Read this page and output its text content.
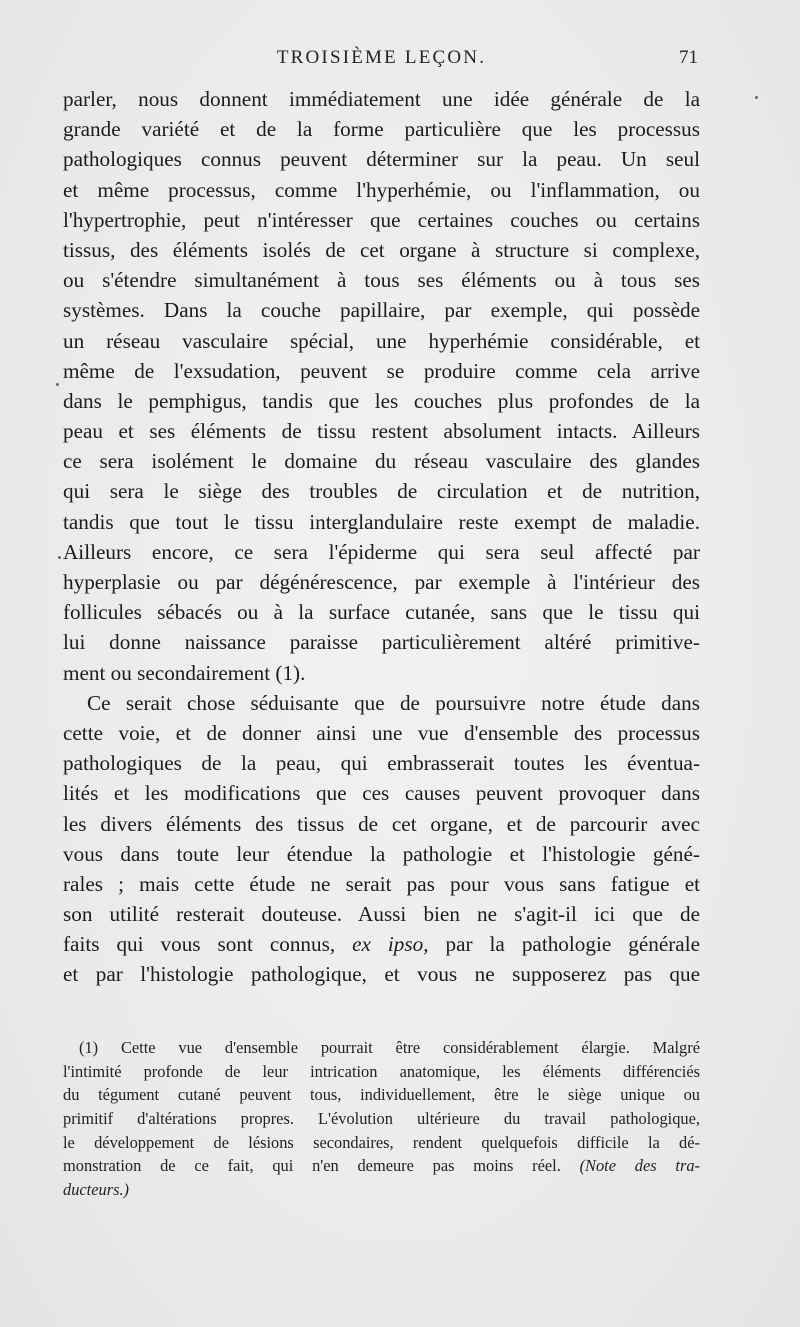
TROISIÈME LEÇON.	71
parler, nous donnent immédiatement une idée générale de la
grande variété et de la forme particulière que les processus
pathologiques connus peuvent déterminer sur la peau. Un seul
et même processus, comme l'hyperhémie, ou l'inflammation, ou
l'hypertrophie, peut n'intéresser que certaines couches ou certains
tissus, des éléments isolés de cet organe à structure si complexe,
ou s'étendre simultanément à tous ses éléments ou à tous ses
systèmes. Dans la couche papillaire, par exemple, qui possède
un réseau vasculaire spécial, une hyperhémie considérable, et
même de l'exsudation, peuvent se produire comme cela arrive
dans le pemphigus, tandis que les couches plus profondes de la
peau et ses éléments de tissu restent absolument intacts. Ailleurs
ce sera isolément le domaine du réseau vasculaire des glandes
qui sera le siège des troubles de circulation et de nutrition,
tandis que tout le tissu interglandulaire reste exempt de maladie.
Ailleurs encore, ce sera l'épiderme qui sera seul affecté par
hyperplasie ou par dégénérescence, par exemple à l'intérieur des
follicules sébacés ou à la surface cutanée, sans que le tissu qui
lui donne naissance paraisse particulièrement altéré primitive-
ment ou secondairement (1).
Ce serait chose séduisante que de poursuivre notre étude dans
cette voie, et de donner ainsi une vue d'ensemble des processus
pathologiques de la peau, qui embrasserait toutes les éventua-
lités et les modifications que ces causes peuvent provoquer dans
les divers éléments des tissus de cet organe, et de parcourir avec
vous dans toute leur étendue la pathologie et l'histologie géné-
rales ; mais cette étude ne serait pas pour vous sans fatigue et
son utilité resterait douteuse. Aussi bien ne s'agit-il ici que de
faits qui vous sont connus, ex ipso, par la pathologie générale
et par l'histologie pathologique, et vous ne supposerez pas que
(1) Cette vue d'ensemble pourrait être considérablement élargie. Malgré
l'intimité profonde de leur intrication anatomique, les éléments différenciés
du tégument cutané peuvent tous, individuellement, être le siège unique ou
primitif d'altérations propres. L'évolution ultérieure du travail pathologique,
le développement de lésions secondaires, rendent quelquefois difficile la dé-
monstration de ce fait, qui n'en demeure pas moins réel. (Note des tra-
ducteurs.)
